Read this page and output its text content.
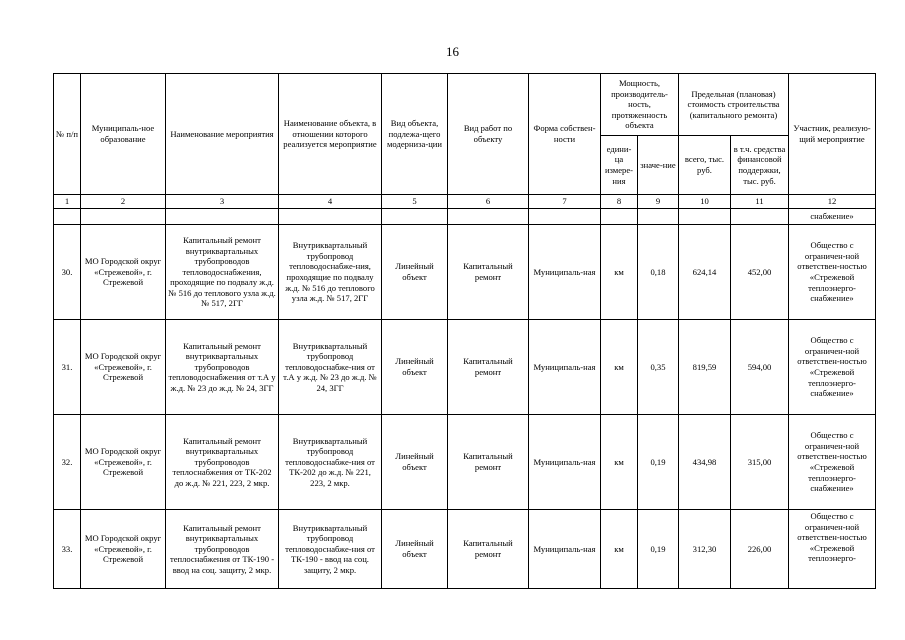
16
№ п/п	Муниципаль-ное образование	Наименование мероприятия	Наименование объекта, в отношении которого реализуется мероприятие	Вид объекта, подлежа-щего модерниза-ции	Вид работ по объекту	Форма собствен-ности	Мощность, производитель-ность, протяженность объекта		Предельная (плановая) стоимость строительства (капитального ремонта)		Участник, реализую-щий мероприятие
							едини-ца измере-ния	значе-ние	всего, тыс. руб.	в т.ч. средства финансовой поддержки, тыс. руб.	
1	2	3	4	5	6	7	8	9	10	11	12
											снабжение»
30.	МО Городской округ «Стрежевой», г. Стрежевой	Капитальный ремонт внутриквартальных трубопроводов тепловодоснабжения, проходящие по подвалу ж.д. № 516 до теплового узла ж.д. № 517, 2ГГ	Внутриквартальный трубопровод тепловодоснабже-ния, проходящие по подвалу ж.д. № 516 до теплового узла ж.д. № 517, 2ГГ	Линейный объект	Капитальный ремонт	Муниципаль-ная	км	0,18	624,14	452,00	Общество с ограничен-ной ответствен-ностью «Стрежевой теплоэнерго-снабжение»
31.	МО Городской округ «Стрежевой», г. Стрежевой	Капитальный ремонт внутриквартальных трубопроводов тепловодоснабжения от т.А у ж.д. № 23 до ж.д. № 24, 3ГГ	Внутриквартальный трубопровод тепловодоснабже-ния от т.А у ж.д. № 23 до ж.д. № 24, 3ГГ	Линейный объект	Капитальный ремонт	Муниципаль-ная	км	0,35	819,59	594,00	Общество с ограничен-ной ответствен-ностью «Стрежевой теплоэнерго-снабжение»
32.	МО Городской округ «Стрежевой», г. Стрежевой	Капитальный ремонт внутриквартальных трубопроводов теплоснабжения от ТК-202 до ж.д. № 221, 223, 2 мкр.	Внутриквартальный трубопровод тепловодоснабже-ния от ТК-202 до ж.д. № 221, 223, 2 мкр.	Линейный объект	Капитальный ремонт	Муниципаль-ная	км	0,19	434,98	315,00	Общество с ограничен-ной ответствен-ностью «Стрежевой теплоэнерго-снабжение»
33.	МО Городской округ «Стрежевой», г. Стрежевой	Капитальный ремонт внутриквартальных трубопроводов теплоснабжения от ТК-190 - ввод на соц. защиту, 2 мкр.	Внутриквартальный трубопровод тепловодоснабже-ния от ТК-190 - ввод на соц. защиту, 2 мкр.	Линейный объект	Капитальный ремонт	Муниципаль-ная	км	0,19	312,30	226,00	Общество с ограничен-ной ответствен-ностью «Стрежевой теплоэнерго-
